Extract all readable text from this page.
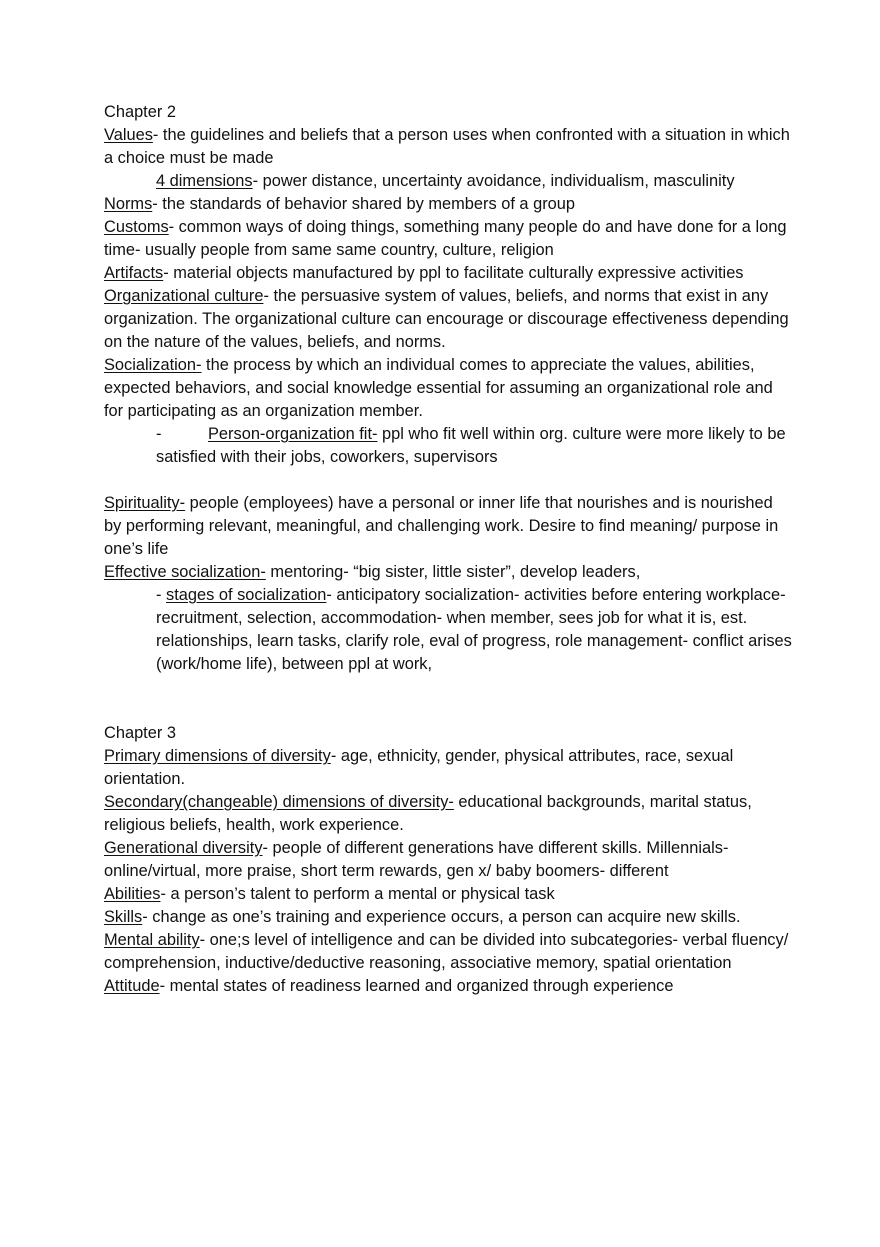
Chapter 2

Values- the guidelines and beliefs that a person uses when confronted with a situation in which a choice must be made

4 dimensions- power distance, uncertainty avoidance, individualism, masculinity

Norms- the standards of behavior shared by members of a group

Customs- common ways of doing things, something many people do and have done for a long time- usually people from same same country, culture, religion

Artifacts- material objects manufactured by ppl to facilitate culturally expressive activities

Organizational culture- the persuasive system of values, beliefs, and norms that exist in any organization. The organizational culture can encourage or discourage effectiveness depending on the nature of the values, beliefs, and norms.

Socialization- the process by which an individual comes to appreciate the values, abilities, expected behaviors, and social knowledge essential for assuming an organizational role and for participating as an organization member.

-	Person-organization fit- ppl who fit well within org. culture were more likely to be satisfied with their jobs, coworkers, supervisors

Spirituality- people (employees) have a personal or inner life that nourishes and is nourished by performing relevant, meaningful, and challenging work. Desire to find meaning/ purpose in one’s life

Effective socialization- mentoring- “big sister, little sister”, develop leaders,

- stages of socialization- anticipatory socialization- activities before entering workplace- recruitment, selection, accommodation- when member, sees job for what it is, est. relationships, learn tasks, clarify role, eval of progress, role management- conflict arises (work/home life), between ppl at work,

Chapter 3

Primary dimensions of diversity- age, ethnicity, gender, physical attributes, race, sexual orientation.

Secondary(changeable) dimensions of diversity- educational backgrounds, marital status, religious beliefs, health, work experience.

Generational diversity- people of different generations have different skills. Millennials- online/virtual, more praise, short term rewards, gen x/ baby boomers- different

Abilities- a person’s talent to perform a mental or physical task

Skills- change as one’s training and experience occurs, a person can acquire new skills.

Mental ability- one;s level of intelligence and can be divided into subcategories- verbal fluency/ comprehension, inductive/deductive reasoning, associative memory, spatial orientation

Attitude- mental states of readiness learned and organized through experience
